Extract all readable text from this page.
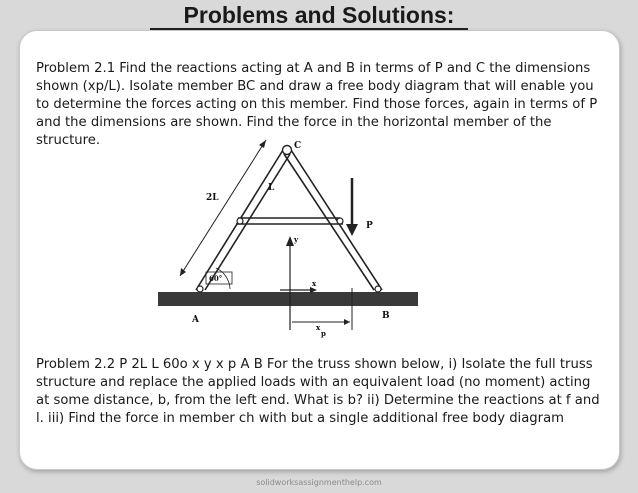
Problems and Solutions:

Problem 2.1 Find the reactions acting at A and B in terms of P and C the dimensions shown (xp/L). Isolate member BC and draw a free body diagram that will enable you to determine the forces acting on this member. Find those forces, again in terms of P and the dimensions are shown. Find the force in the horizontal member of the structure.	C
L
2L
P
60°
y
x
A	B
x
p

Problem 2.2 P 2L L 60o x y x p A B For the truss shown below, i) Isolate the full truss structure and replace the applied loads with an equivalent load (no moment) acting at some distance, b, from the left end. What is b? ii) Determine the reactions at f and l. iii) Find the force in member ch with but a single additional free body diagram

solidworksassignmenthelp.com
